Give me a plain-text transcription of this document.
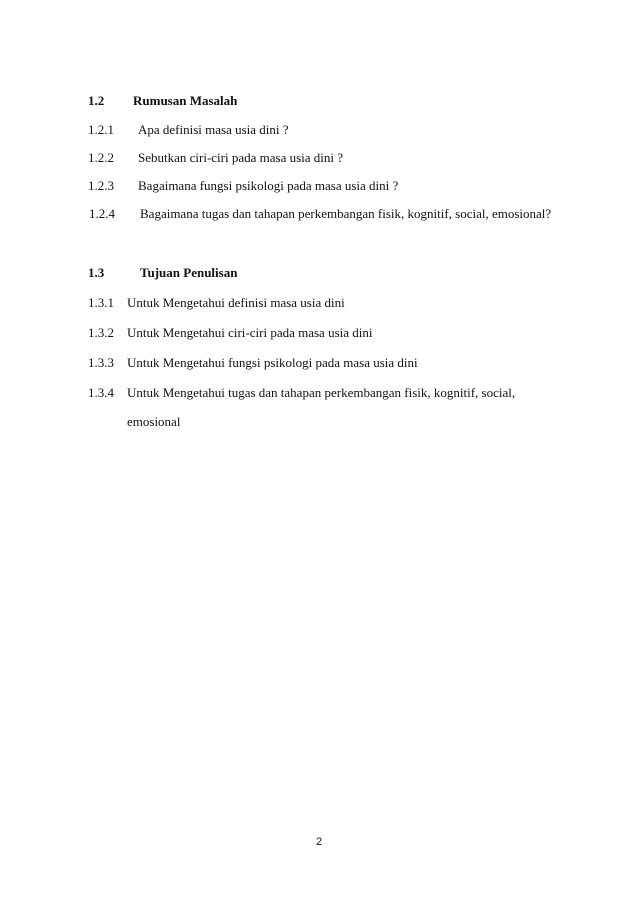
1.2 Rumusan Masalah
1.2.1 Apa definisi masa usia dini ?
1.2.2 Sebutkan ciri-ciri pada masa usia dini ?
1.2.3 Bagaimana fungsi psikologi pada masa usia dini ?
1.2.4 Bagaimana tugas dan tahapan perkembangan fisik, kognitif, social, emosional?
1.3	Tujuan Penulisan
1.3.1 Untuk Mengetahui definisi masa usia dini
1.3.2 Untuk Mengetahui ciri-ciri pada masa usia dini
1.3.3 Untuk Mengetahui fungsi psikologi pada masa usia dini
1.3.4 Untuk Mengetahui tugas dan tahapan perkembangan fisik, kognitif, social,
emosional
2
